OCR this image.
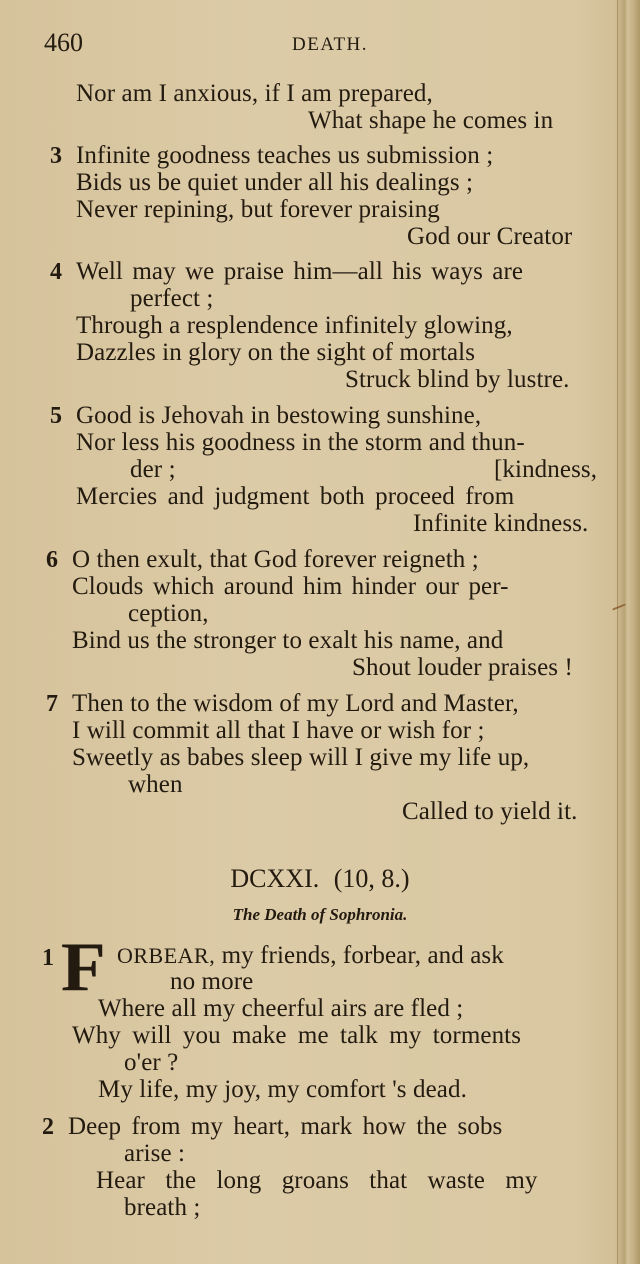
460	DEATH.
Nor am I anxious, if I am prepared,
What shape he comes in
3 Infinite goodness teaches us submission ;
Bids us be quiet under all his dealings ;
Never repining, but forever praising
God our Creator
4 Well may we praise him—all his ways are
perfect ;
Through a resplendence infinitely glowing,
Dazzles in glory on the sight of mortals
Struck blind by lustre.
5 Good is Jehovah in bestowing sunshine,
Nor less his goodness in the storm and thun-
der ;	[kindness,
Mercies and judgment both proceed from
Infinite kindness.
6 O then exult, that God forever reigneth ;
Clouds which around him hinder our per-
ception,
Bind us the stronger to exalt his name, and
Shout louder praises !
7 Then to the wisdom of my Lord and Master,
I will commit all that I have or wish for ;
Sweetly as babes sleep will I give my life up,
when
Called to yield it.
DCXXI. (10, 8.)
The Death of Sophronia.
1 F ORBEAR, my friends, forbear, and ask
no more
Where all my cheerful airs are fled ;
Why will you make me talk my torments
o'er ?
My life, my joy, my comfort 's dead.
2 Deep from my heart, mark how the sobs
arise :
Hear the long groans that waste my
breath ;
